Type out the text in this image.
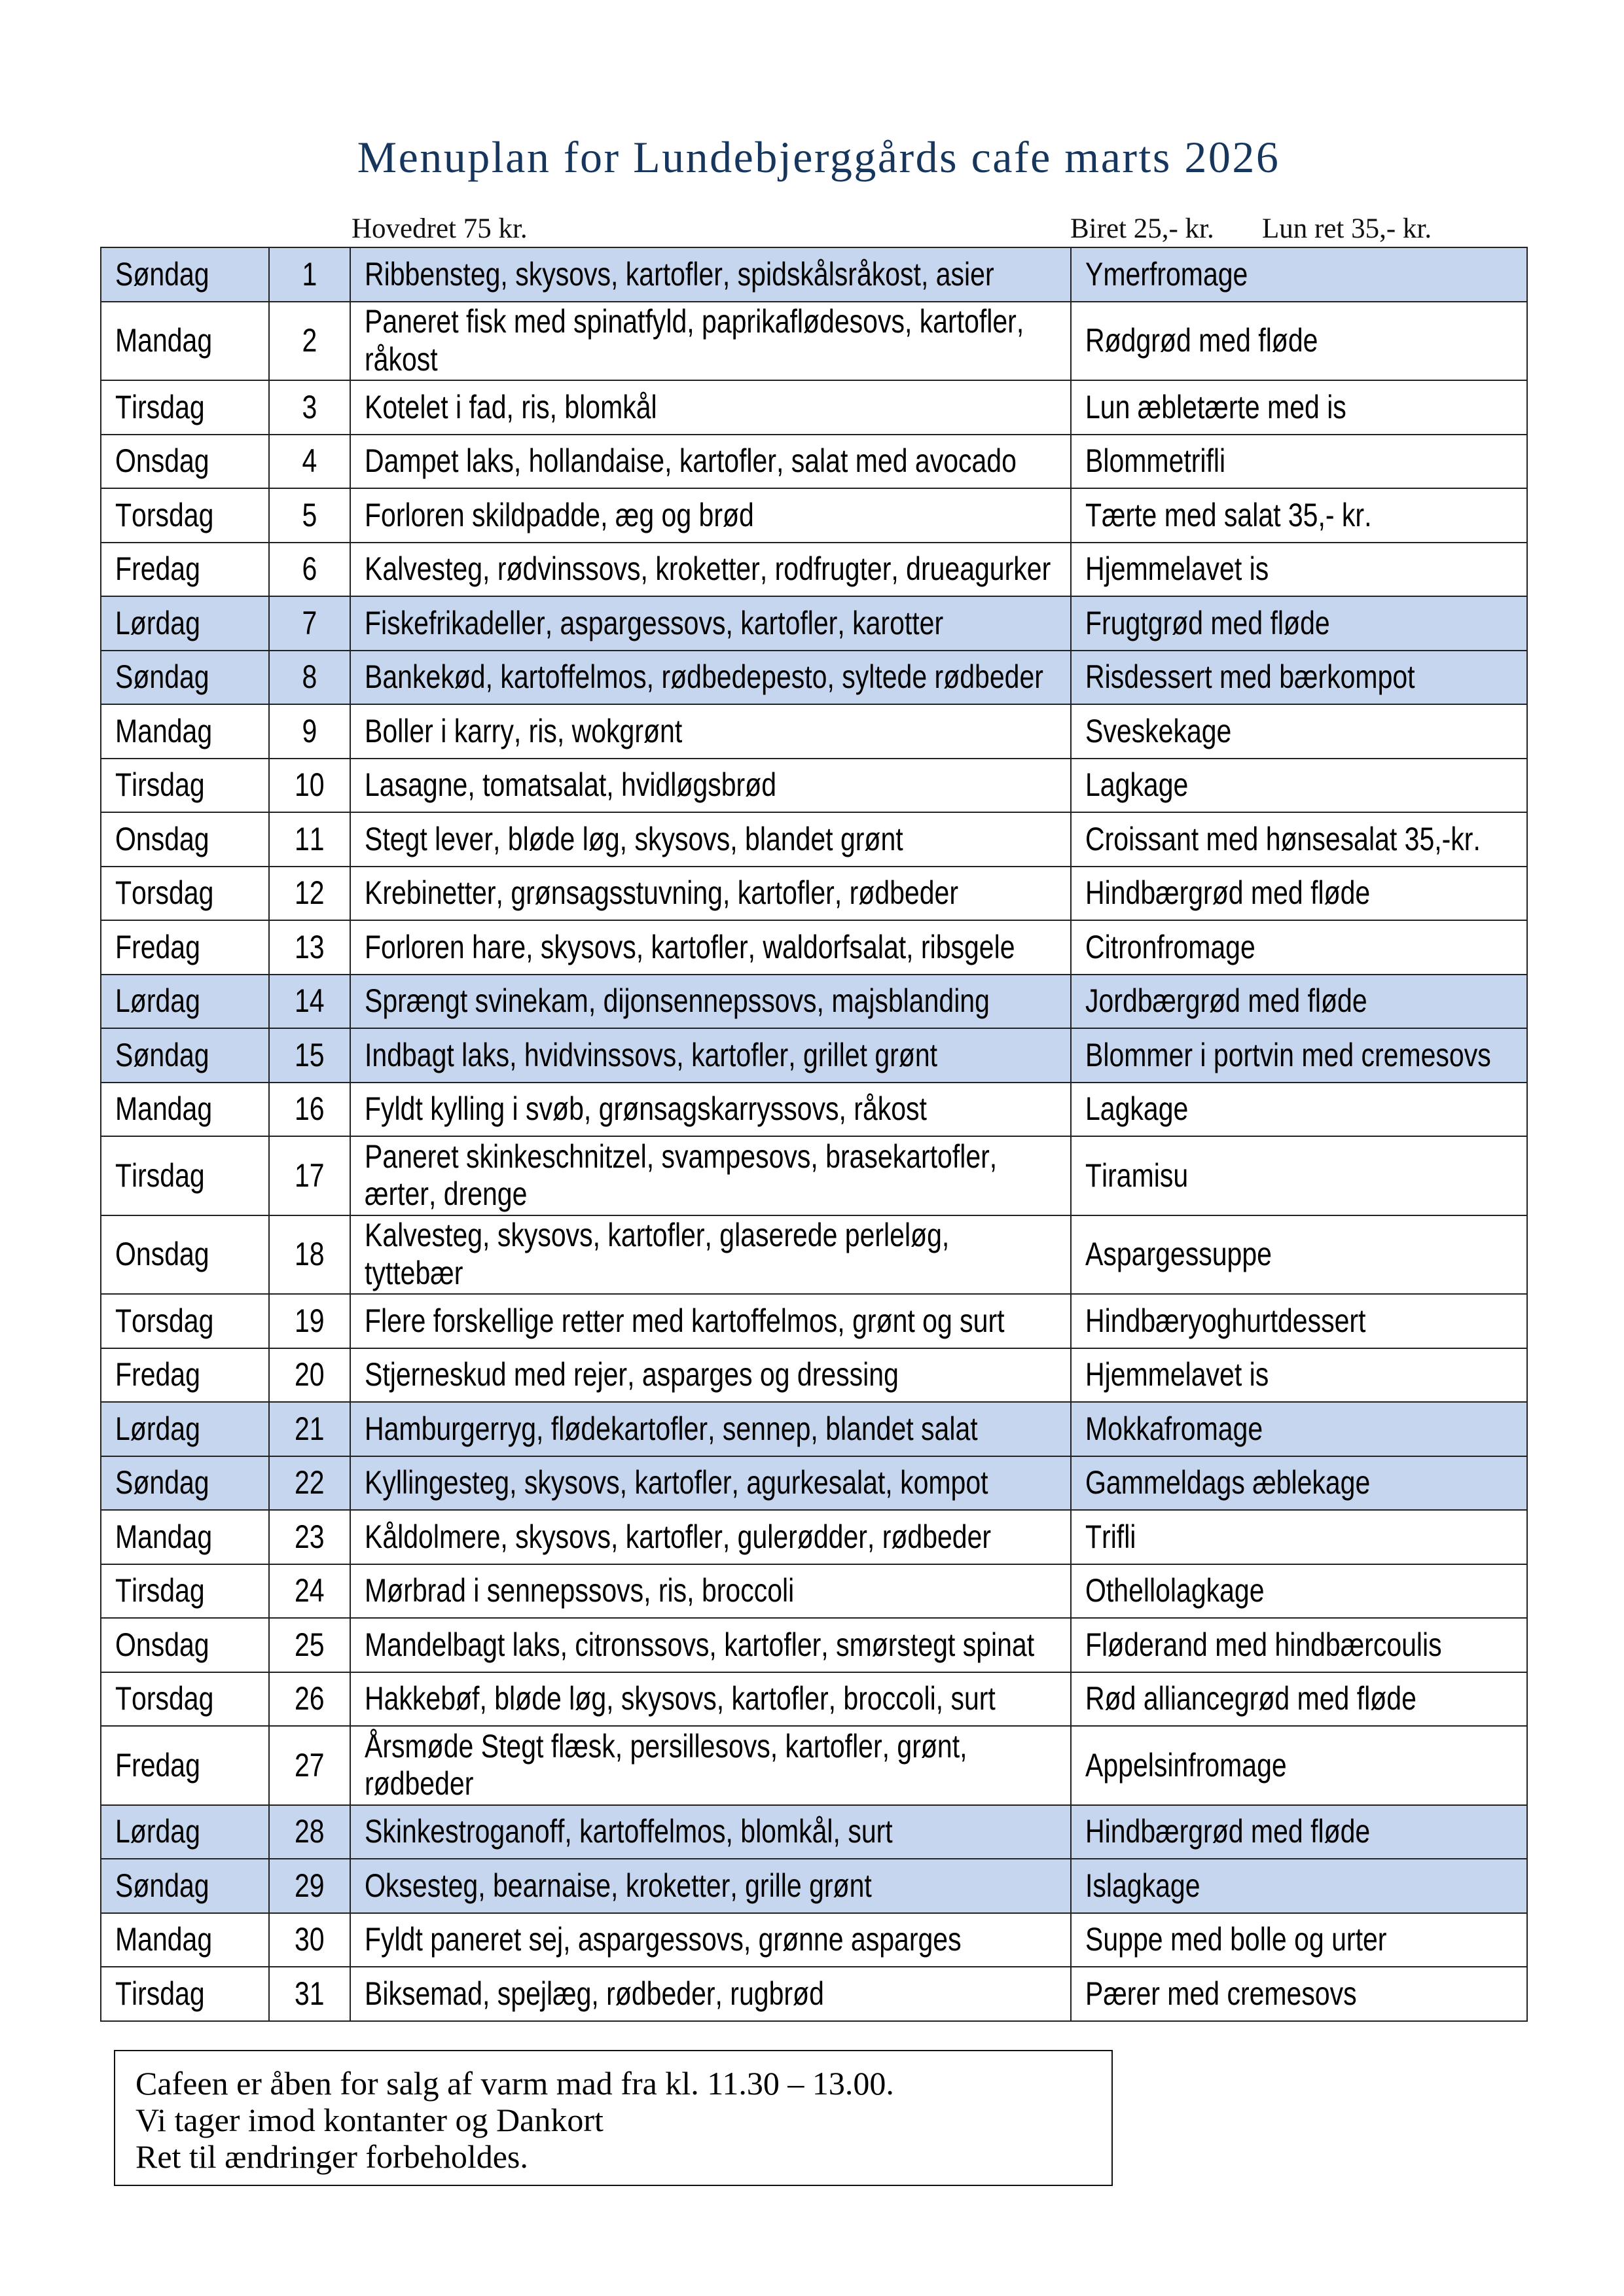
Menuplan for Lundebjerggårds cafe marts 2026
Hovedret 75 kr.	Biret 25,- kr. Lun ret 35,- kr.
Søndag	1	Ribbensteg, skysovs, kartofler, spidskålsråkost, asier	Ymerfromage

Mandag	2	Paneret fisk med spinatfyld, paprikaflødesovs, kartofler,
råkost	Rødgrød med fløde

Tirsdag	3	Kotelet i fad, ris, blomkål	Lun æbletærte med is

Onsdag	4	Dampet laks, hollandaise, kartofler, salat med avocado	Blommetrifli

Torsdag	5	Forloren skildpadde, æg og brød	Tærte med salat 35,- kr.

Fredag	6	Kalvesteg, rødvinssovs, kroketter, rodfrugter, drueagurker	Hjemmelavet is

Lørdag	7	Fiskefrikadeller, aspargessovs, kartofler, karotter	Frugtgrød med fløde

Søndag	8	Bankekød, kartoffelmos, rødbedepesto, syltede rødbeder	Risdessert med bærkompot

Mandag	9	Boller i karry, ris, wokgrønt	Sveskekage

Tirsdag	10	Lasagne, tomatsalat, hvidløgsbrød	Lagkage

Onsdag	11	Stegt lever, bløde løg, skysovs, blandet grønt	Croissant med hønsesalat 35,-kr.

Torsdag	12	Krebinetter, grønsagsstuvning, kartofler, rødbeder	Hindbærgrød med fløde

Fredag	13	Forloren hare, skysovs, kartofler, waldorfsalat, ribsgele	Citronfromage

Lørdag	14	Sprængt svinekam, dijonsennepssovs, majsblanding	Jordbærgrød med fløde

Søndag	15	Indbagt laks, hvidvinssovs, kartofler, grillet grønt	Blommer i portvin med cremesovs

Mandag	16	Fyldt kylling i svøb, grønsagskarryssovs, råkost	Lagkage

Tirsdag	17	Paneret skinkeschnitzel, svampesovs, brasekartofler,
ærter, drenge	Tiramisu

Onsdag	18	Kalvesteg, skysovs, kartofler, glaserede perleløg,
tyttebær	Aspargessuppe

Torsdag	19	Flere forskellige retter med kartoffelmos, grønt og surt	Hindbæryoghurtdessert

Fredag	20	Stjerneskud med rejer, asparges og dressing	Hjemmelavet is

Lørdag	21	Hamburgerryg, flødekartofler, sennep, blandet salat	Mokkafromage

Søndag	22	Kyllingesteg, skysovs, kartofler, agurkesalat, kompot	Gammeldags æblekage

Mandag	23	Kåldolmere, skysovs, kartofler, gulerødder, rødbeder	Trifli

Tirsdag	24	Mørbrad i sennepssovs, ris, broccoli	Othellolagkage

Onsdag	25	Mandelbagt laks, citronssovs, kartofler, smørstegt spinat	Fløderand med hindbærcoulis

Torsdag	26	Hakkebøf, bløde løg, skysovs, kartofler, broccoli, surt	Rød alliancegrød med fløde

Fredag	27	Årsmøde Stegt flæsk, persillesovs, kartofler, grønt,
rødbeder	Appelsinfromage

Lørdag	28	Skinkestroganoff, kartoffelmos, blomkål, surt	Hindbærgrød med fløde

Søndag	29	Oksesteg, bearnaise, kroketter, grille grønt	Islagkage

Mandag	30	Fyldt paneret sej, aspargessovs, grønne asparges	Suppe med bolle og urter

Tirsdag	31	Biksemad, spejlæg, rødbeder, rugbrød	Pærer med cremesovs
Cafeen er åben for salg af varm mad fra kl. 11.30 – 13.00.
Vi tager imod kontanter og Dankort
Ret til ændringer forbeholdes.
